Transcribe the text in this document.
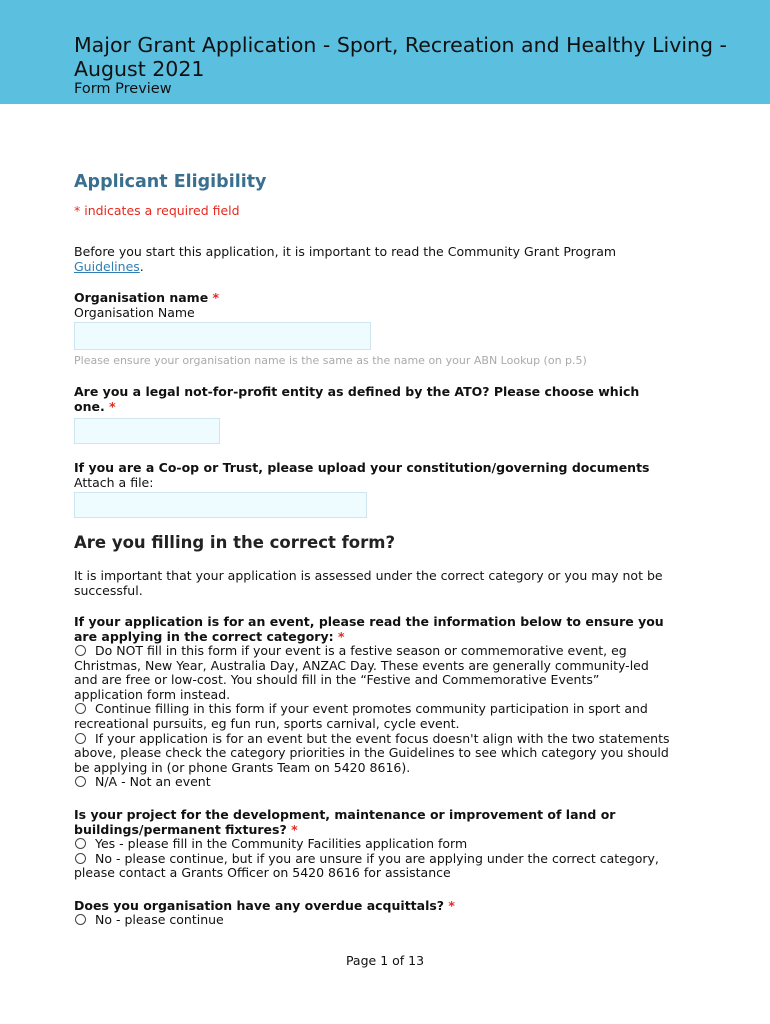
Major Grant Application - Sport, Recreation and Healthy Living - August 2021
Form Preview
Applicant Eligibility
* indicates a required field
Before you start this application, it is important to read the Community Grant Program
Guidelines.
Organisation name *
Organisation Name
Please ensure your organisation name is the same as the name on your ABN Lookup (on p.5)
Are you a legal not-for-profit entity as defined by the ATO? Please choose which one. *
If you are a Co-op or Trust, please upload your constitution/governing documents
Attach a file:
Are you filling in the correct form?
It is important that your application is assessed under the correct category or you may not be successful.
If your application is for an event, please read the information below to ensure you are applying in the correct category: *
Do NOT fill in this form if your event is a festive season or commemorative event, eg Christmas, New Year, Australia Day, ANZAC Day. These events are generally community-led and are free or low-cost. You should fill in the “Festive and Commemorative Events” application form instead.
Continue filling in this form if your event promotes community participation in sport and recreational pursuits, eg fun run, sports carnival, cycle event.
If your application is for an event but the event focus doesn't align with the two statements above, please check the category priorities in the Guidelines to see which category you should be applying in (or phone Grants Team on 5420 8616).
N/A - Not an event
Is your project for the development, maintenance or improvement of land or buildings/permanent fixtures? *
Yes - please fill in the Community Facilities application form
No - please continue, but if you are unsure if you are applying under the correct category, please contact a Grants Officer on 5420 8616 for assistance
Does you organisation have any overdue acquittals? *
No - please continue
Page 1 of 13
